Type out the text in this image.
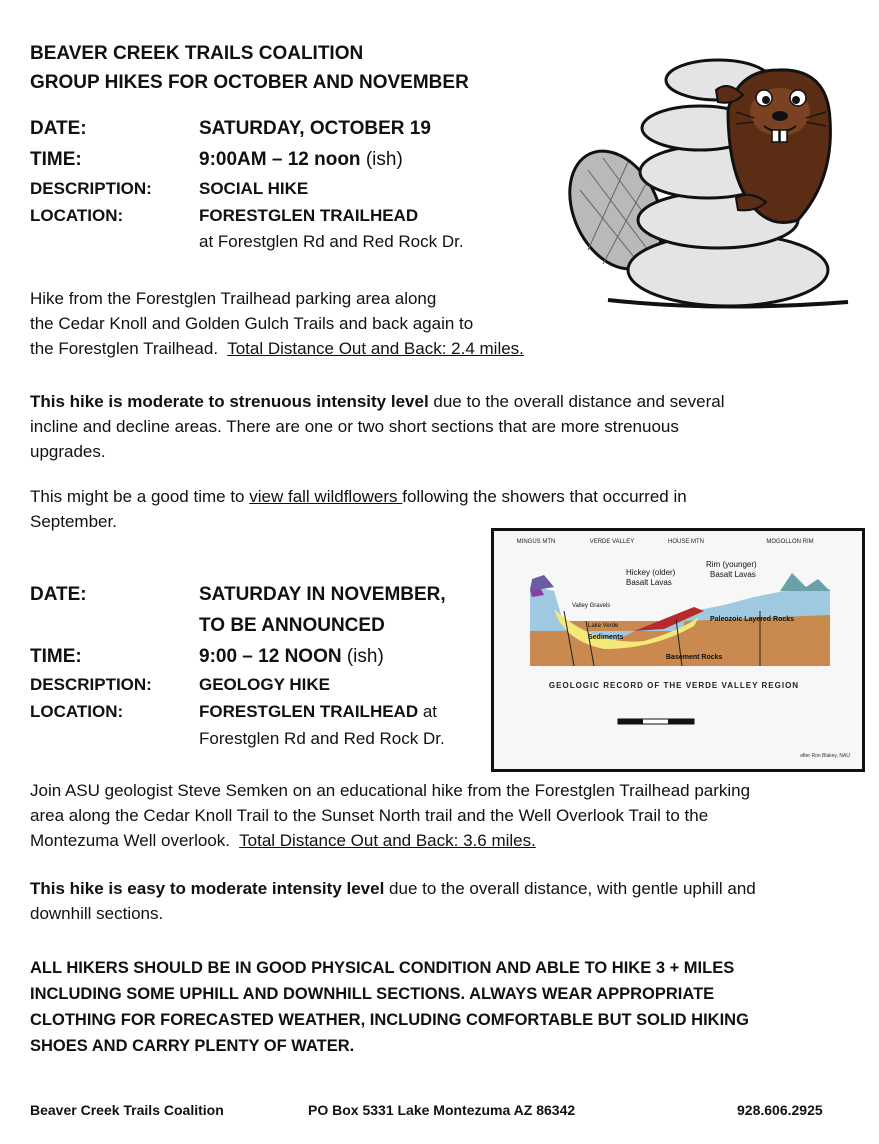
BEAVER CREEK TRAILS COALITION
GROUP HIKES FOR OCTOBER AND NOVEMBER
DATE:	SATURDAY, OCTOBER 19
TIME:	9:00AM – 12 noon (ish)
DESCRIPTION:	SOCIAL HIKE
LOCATION:	FORESTGLEN TRAILHEAD
at Forestglen Rd and Red Rock Dr.
Hike from the Forestglen Trailhead parking area along
the Cedar Knoll and Golden Gulch Trails and back again to
the Forestglen Trailhead.  Total Distance Out and Back: 2.4 miles.
This hike is moderate to strenuous intensity level due to the overall distance and several
incline and decline areas. There are one or two short sections that are more strenuous
upgrades.
This might be a good time to view fall wildflowers following the showers that occurred in
September.
DATE:	SATURDAY IN NOVEMBER,
TO BE ANNOUNCED
TIME:	9:00 – 12 NOON (ish)
DESCRIPTION:	GEOLOGY HIKE
LOCATION:	FORESTGLEN TRAILHEAD at
Forestglen Rd and Red Rock Dr.
MINGUS MTN	VERDE VALLEY	HOUSE MTN	MOGOLLON RIM
Hickey (older)
Basalt Lavas
Rim (younger)
Basalt Lavas
Valley Gravels
Lake Verde
Sediments
Paleozoic Layered Rocks
Basement Rocks
GEOLOGIC RECORD OF THE VERDE VALLEY REGION
after Ron Blakey, NAU
Join ASU geologist Steve Semken on an educational hike from the Forestglen Trailhead parking
area along the Cedar Knoll Trail to the Sunset North trail and the Well Overlook Trail to the
Montezuma Well overlook.  Total Distance Out and Back: 3.6 miles.
This hike is easy to moderate intensity level due to the overall distance, with gentle uphill and
downhill sections.
ALL HIKERS SHOULD BE IN GOOD PHYSICAL CONDITION AND ABLE TO HIKE 3 + MILES
INCLUDING SOME UPHILL AND DOWNHILL SECTIONS. ALWAYS WEAR APPROPRIATE
CLOTHING FOR FORECASTED WEATHER, INCLUDING COMFORTABLE BUT SOLID HIKING
SHOES AND CARRY PLENTY OF WATER.
Beaver Creek Trails Coalition	PO Box 5331 Lake Montezuma AZ 86342	928.606.2925
